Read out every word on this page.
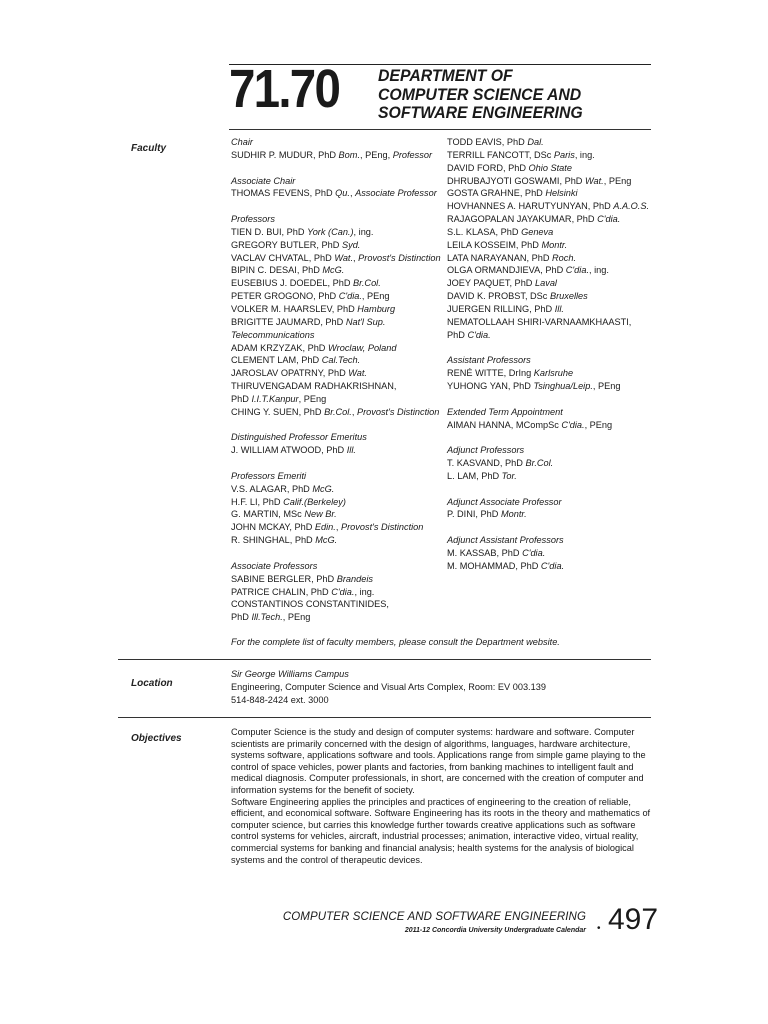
71.70 DEPARTMENT OF
COMPUTER SCIENCE AND
SOFTWARE ENGINEERING
Faculty
Chair
SUDHIR P. MUDUR, PhD Bom., PEng, Professor
Associate Chair
THOMAS FEVENS, PhD Qu., Associate Professor
Professors
TIEN D. BUI, PhD York (Can.), ing.
GREGORY BUTLER, PhD Syd.
VACLAV CHVATAL, PhD Wat., Provost's Distinction
BIPIN C. DESAI, PhD McG.
EUSEBIUS J. DOEDEL, PhD Br.Col.
PETER GROGONO, PhD C'dia., PEng
VOLKER M. HAARSLEV, PhD Hamburg
BRIGITTE JAUMARD, PhD Nat'l Sup.
Telecommunications
ADAM KRZYZAK, PhD Wroclaw, Poland
CLEMENT LAM, PhD Cal.Tech.
JAROSLAV OPATRNY, PhD Wat.
THIRUVENGADAM RADHAKRISHNAN,
PhD I.I.T.Kanpur, PEng
CHING Y. SUEN, PhD Br.Col., Provost's Distinction
Distinguished Professor Emeritus
J. WILLIAM ATWOOD, PhD Ill.
Professors Emeriti
V.S. ALAGAR, PhD McG.
H.F. LI, PhD Calif.(Berkeley)
G. MARTIN, MSc New Br.
JOHN MCKAY, PhD Edin., Provost's Distinction
R. SHINGHAL, PhD McG.
Associate Professors
SABINE BERGLER, PhD Brandeis
PATRICE CHALIN, PhD C'dia., ing.
CONSTANTINOS CONSTANTINIDES,
PhD Ill.Tech., PEng
TODD EAVIS, PhD Dal.
TERRILL FANCOTT, DSc Paris, ing.
DAVID FORD, PhD Ohio State
DHRUBAJYOTI GOSWAMI, PhD Wat., PEng
GOSTA GRAHNE, PhD Helsinki
HOVHANNES A. HARUTYUNYAN, PhD A.A.O.S.
RAJAGOPALAN JAYAKUMAR, PhD C'dia.
S.L. KLASA, PhD Geneva
LEILA KOSSEIM, PhD Montr.
LATA NARAYANAN, PhD Roch.
OLGA ORMANDJIEVA, PhD C'dia., ing.
JOEY PAQUET, PhD Laval
DAVID K. PROBST, DSc Bruxelles
JUERGEN RILLING, PhD Ill.
NEMATOLLAAH SHIRI-VARNAAMKHAASTI,
PhD C'dia.
Assistant Professors
RENÉ WITTE, DrIng Karlsruhe
YUHONG YAN, PhD Tsinghua/Leip., PEng
Extended Term Appointment
AIMAN HANNA, MCompSc C'dia., PEng
Adjunct Professors
T. KASVAND, PhD Br.Col.
L. LAM, PhD Tor.
Adjunct Associate Professor
P. DINI, PhD Montr.
Adjunct Assistant Professors
M. KASSAB, PhD C'dia.
M. MOHAMMAD, PhD C'dia.
For the complete list of faculty members, please consult the Department website.
Location
Sir George Williams Campus
Engineering, Computer Science and Visual Arts Complex, Room: EV 003.139
514-848-2424 ext. 3000
Objectives

Computer Science is the study and design of computer systems: hardware and software. Computer scientists are primarily concerned with the design of algorithms, languages, hardware architecture, systems software, applications software and tools. Applications range from simple game playing to the control of space vehicles, power plants and factories, from banking machines to intelligent fault and medical diagnosis. Computer professionals, in short, are concerned with the creation of computer and information systems for the benefit of society.

Software Engineering applies the principles and practices of engineering to the creation of reliable, efficient, and economical software. Software Engineering has its roots in the theory and mathematics of computer science, but carries this knowledge further towards creative applications such as software control systems for vehicles, aircraft, industrial processes; animation, interactive video, virtual reality, commercial systems for banking and financial analysis; health systems for the analysis of biological systems and the control of therapeutic devices.

COMPUTER SCIENCE AND SOFTWARE ENGINEERING
2011-12 Concordia University Undergraduate Calendar • 497
